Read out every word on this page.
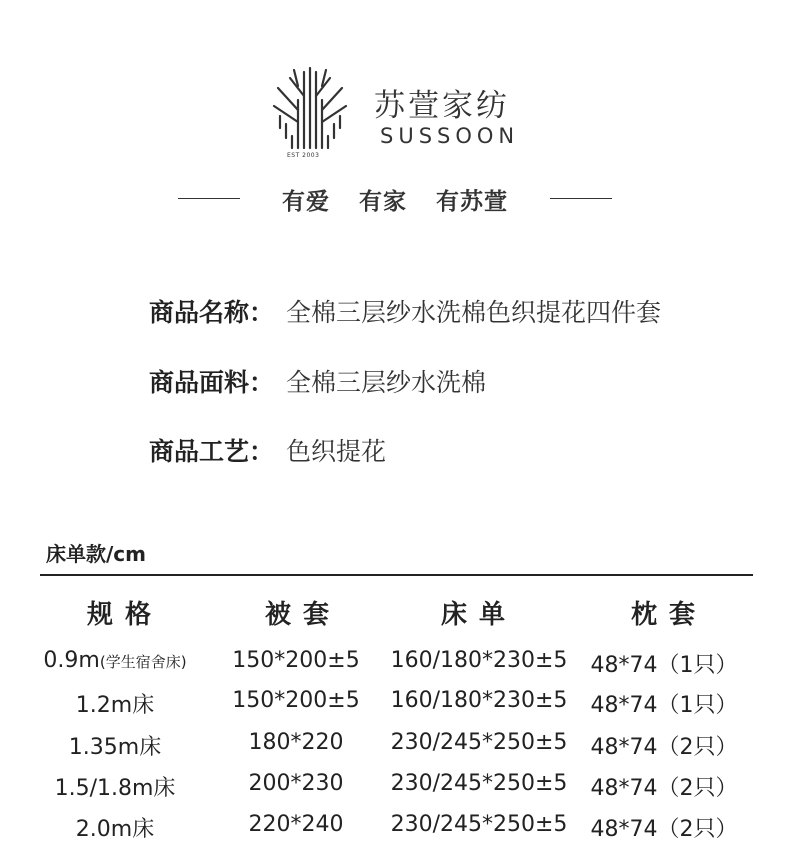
EST 2003
苏萱家纺
SUSSOON
有爱 有家 有苏萱
商品名称： 全棉三层纱水洗棉色织提花四件套
商品面料： 全棉三层纱水洗棉
商品工艺： 色织提花
床单款/cm
规格	被套	床单	枕套
0.9m(学生宿舍床)	150*200±5	160/180*230±5	48*74（1只）
1.2m床	150*200±5	160/180*230±5	48*74（1只）
1.35m床	180*220	230/245*250±5	48*74（2只）
1.5/1.8m床	200*230	230/245*250±5	48*74（2只）
2.0m床	220*240	230/245*250±5	48*74（2只）
